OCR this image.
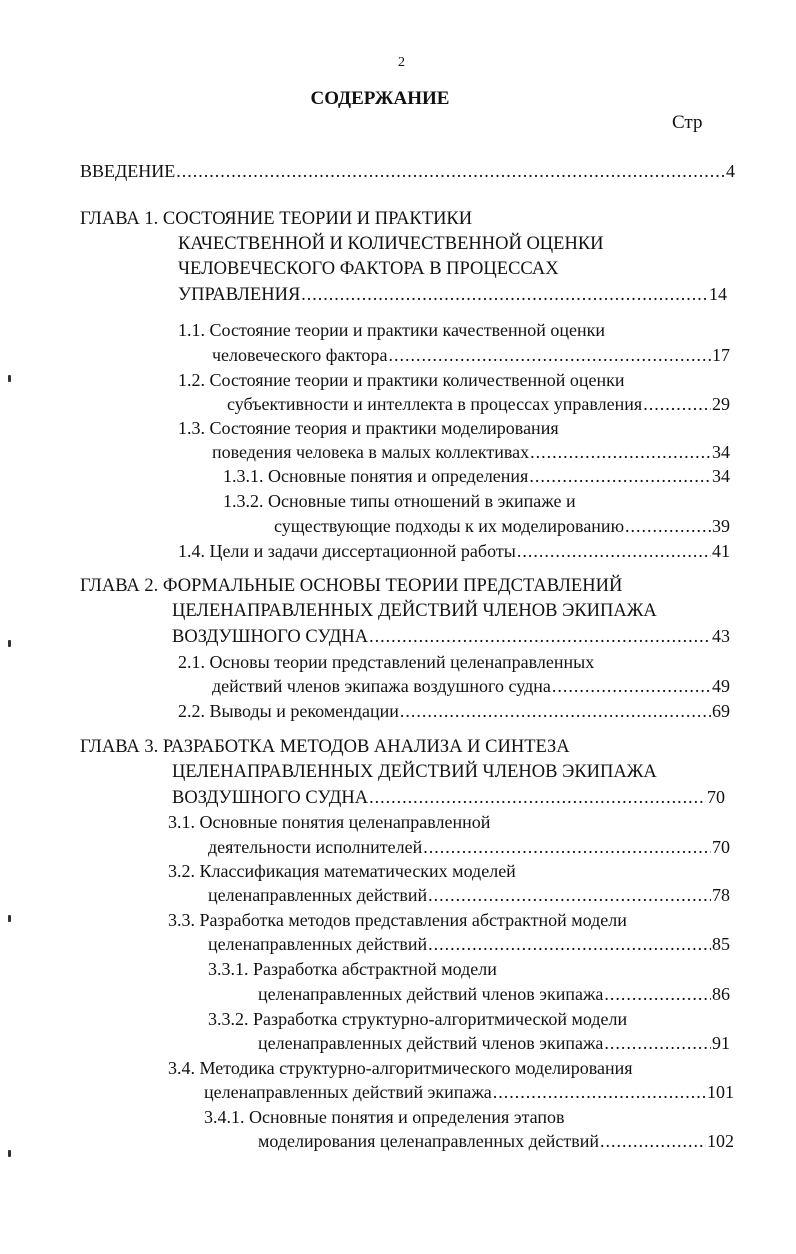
2
СОДЕРЖАНИЕ
Стр
ВВЕДЕНИЕ .....	4
ГЛАВА 1. СОСТОЯНИЕ ТЕОРИИ И ПРАКТИКИ
КАЧЕСТВЕННОЙ И КОЛИЧЕСТВЕННОЙ ОЦЕНКИ
ЧЕЛОВЕЧЕСКОГО ФАКТОРА В ПРОЦЕССАХ
УПРАВЛЕНИЯ .....	14
1.1. Состояние теории и практики качественной оценки
человеческого фактора .....	17
1.2. Состояние теории и практики количественной оценки
субъективности и интеллекта в процессах управления .....	29
1.3. Состояние теория и практики моделирования
поведения человека в малых коллективах .....	34
1.3.1. Основные понятия и определения .....	34
1.3.2. Основные типы отношений в экипаже и
существующие подходы к их моделированию .....	39
1.4. Цели и задачи диссертационной работы .....	41
ГЛАВА 2. ФОРМАЛЬНЫЕ ОСНОВЫ ТЕОРИИ ПРЕДСТАВЛЕНИЙ
ЦЕЛЕНАПРАВЛЕННЫХ ДЕЙСТВИЙ ЧЛЕНОВ ЭКИПАЖА
ВОЗДУШНОГО СУДНА .....	43
2.1. Основы теории представлений целенаправленных
действий членов экипажа воздушного судна .....	49
2.2. Выводы и рекомендации .....	69
ГЛАВА 3. РАЗРАБОТКА МЕТОДОВ АНАЛИЗА И СИНТЕЗА
ЦЕЛЕНАПРАВЛЕННЫХ ДЕЙСТВИЙ ЧЛЕНОВ ЭКИПАЖА
ВОЗДУШНОГО СУДНА .....	70
3.1. Основные понятия целенаправленной
деятельности исполнителей .....	70
3.2. Классификация математических моделей
целенаправленных действий .....	78
3.3. Разработка методов представления абстрактной модели
целенаправленных действий .....	85
3.3.1. Разработка абстрактной модели
целенаправленных действий членов экипажа .....	86
3.3.2. Разработка структурно-алгоритмической модели
целенаправленных действий членов экипажа .....	91
3.4. Методика структурно-алгоритмического моделирования
целенаправленных действий экипажа .....	101
3.4.1. Основные понятия и определения этапов
моделирования целенаправленных действий .....	102
